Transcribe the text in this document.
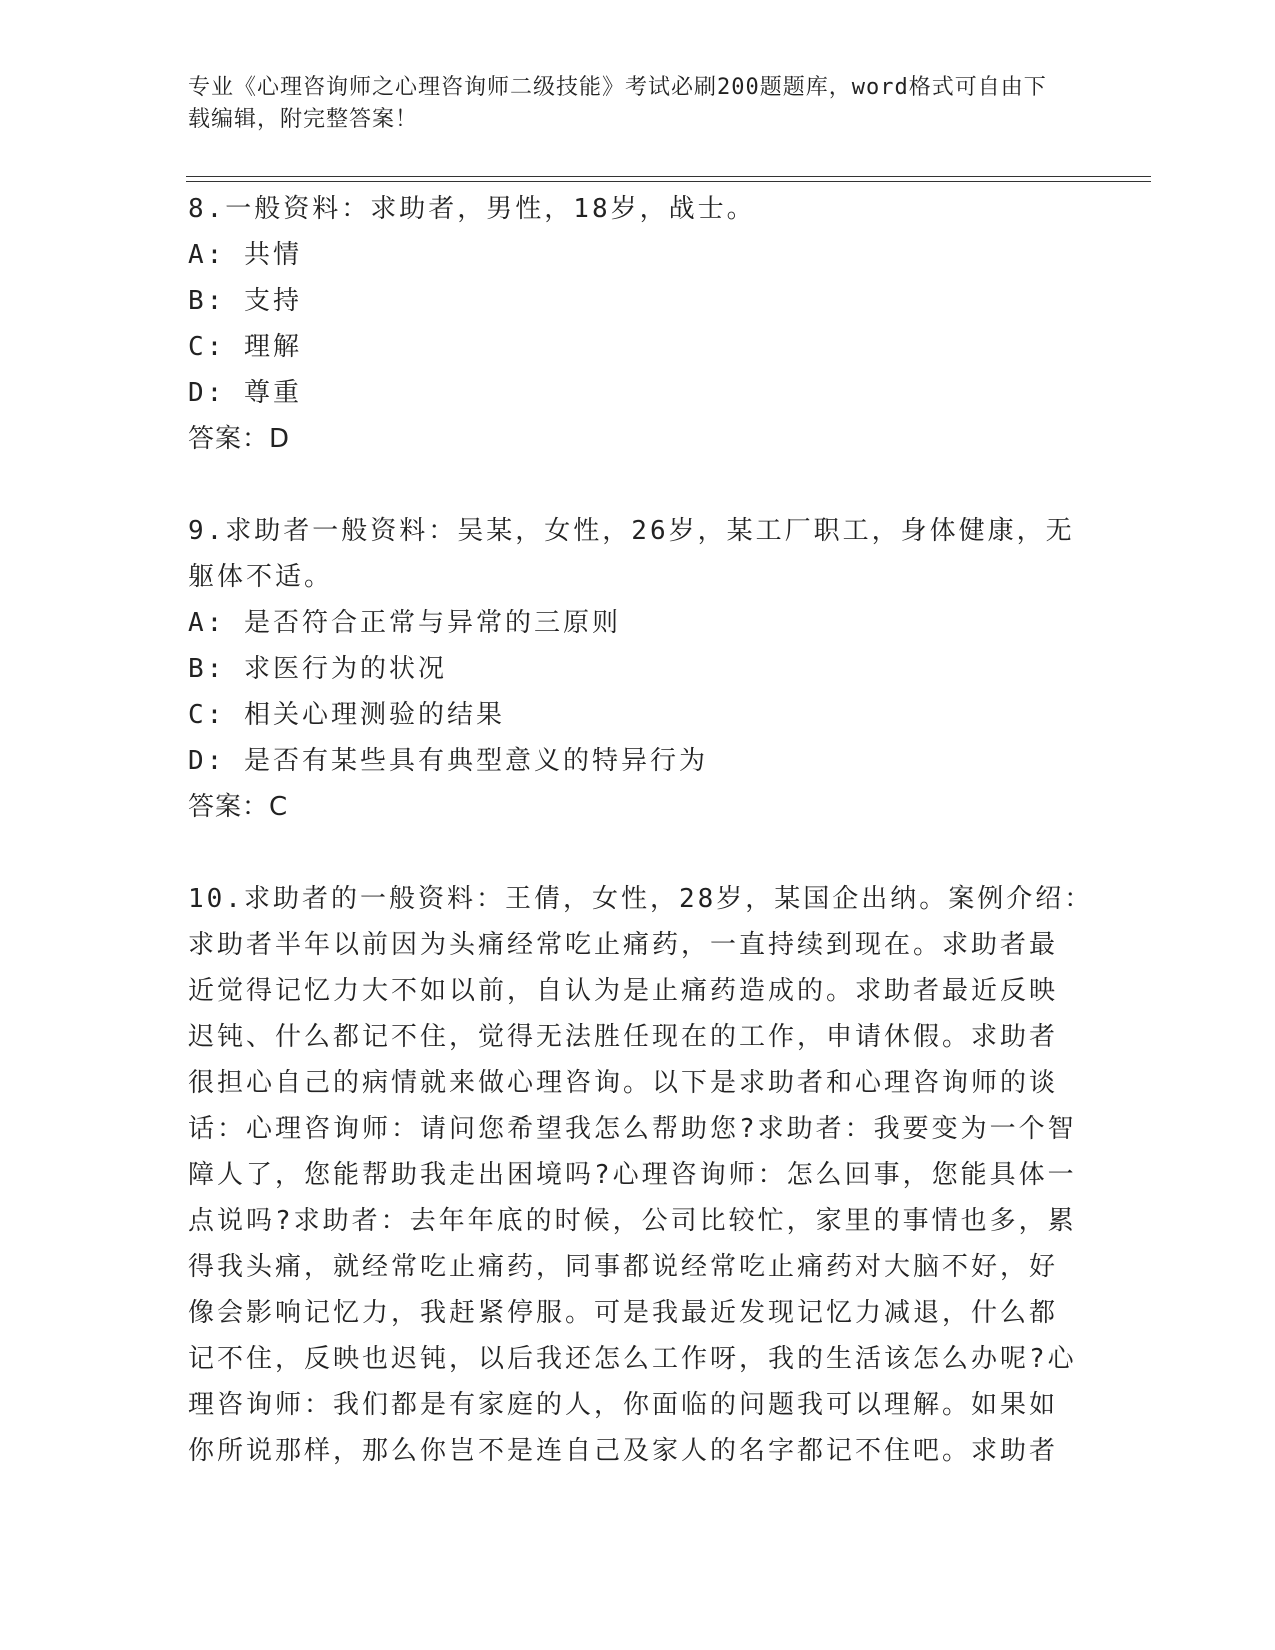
专业《心理咨询师之心理咨询师二级技能》考试必刷200题题库，word格式可自由下载编辑，附完整答案！
8.一般资料：求助者，男性，18岁，战士。
A: 共情
B: 支持
C: 理解
D: 尊重
答案：D
9.求助者一般资料：吴某，女性，26岁，某工厂职工，身体健康，无
躯体不适。
A: 是否符合正常与异常的三原则
B: 求医行为的状况
C: 相关心理测验的结果
D: 是否有某些具有典型意义的特异行为
答案：C
10.求助者的一般资料：王倩，女性，28岁，某国企出纳。案例介绍：
求助者半年以前因为头痛经常吃止痛药，一直持续到现在。求助者最
近觉得记忆力大不如以前，自认为是止痛药造成的。求助者最近反映
迟钝、什么都记不住，觉得无法胜任现在的工作，申请休假。求助者
很担心自己的病情就来做心理咨询。以下是求助者和心理咨询师的谈
话：心理咨询师：请问您希望我怎么帮助您?求助者：我要变为一个智
障人了，您能帮助我走出困境吗?心理咨询师：怎么回事，您能具体一
点说吗?求助者：去年年底的时候，公司比较忙，家里的事情也多，累
得我头痛，就经常吃止痛药，同事都说经常吃止痛药对大脑不好，好
像会影响记忆力，我赶紧停服。可是我最近发现记忆力减退，什么都
记不住，反映也迟钝，以后我还怎么工作呀，我的生活该怎么办呢?心
理咨询师：我们都是有家庭的人，你面临的问题我可以理解。如果如
你所说那样，那么你岂不是连自己及家人的名字都记不住吧。求助者
